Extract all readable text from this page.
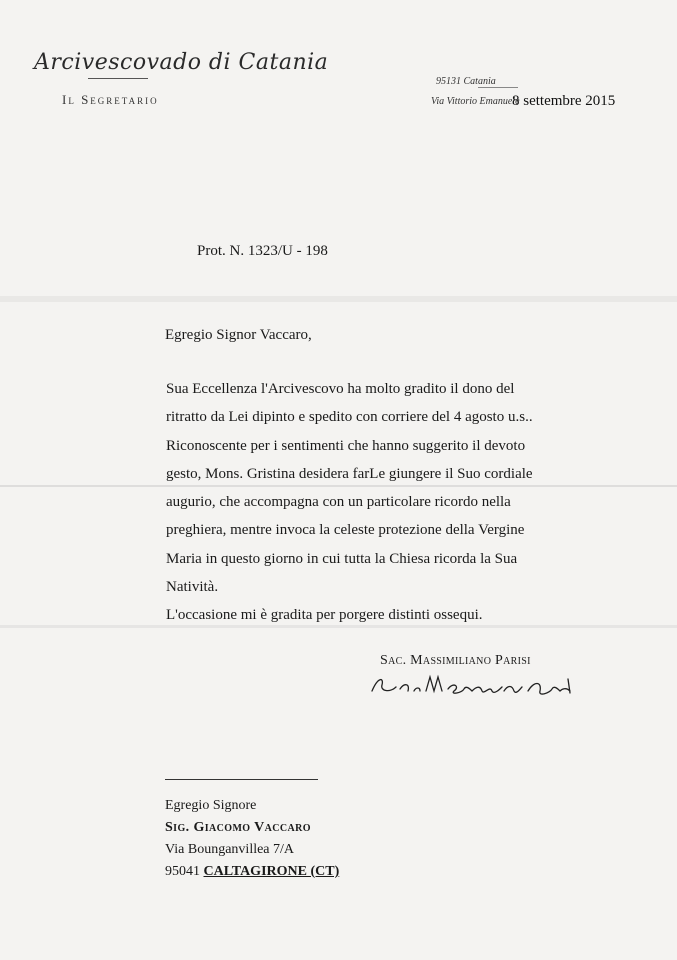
Arcivescovado di Catania
Il Segretario
95131 Catania
Via Vittorio Emanuele
8 settembre 2015
Prot. N. 1323/U - 198
Egregio Signor Vaccaro,
Sua Eccellenza l'Arcivescovo ha molto gradito il dono del
ritratto da Lei dipinto e spedito con corriere del 4 agosto u.s..
Riconoscente per i sentimenti che hanno suggerito il devoto
gesto, Mons. Gristina desidera farLe giungere il Suo cordiale
augurio, che accompagna con un particolare ricordo nella
preghiera, mentre invoca la celeste protezione della Vergine
Maria in questo giorno in cui tutta la Chiesa ricorda la Sua
Natività.
L'occasione mi è gradita per porgere distinti ossequi.
Sac. Massimiliano Parisi
Egregio Signore
Sig. Giacomo Vaccaro
Via Bounganvillea 7/A
95041 CALTAGIRONE (CT)
